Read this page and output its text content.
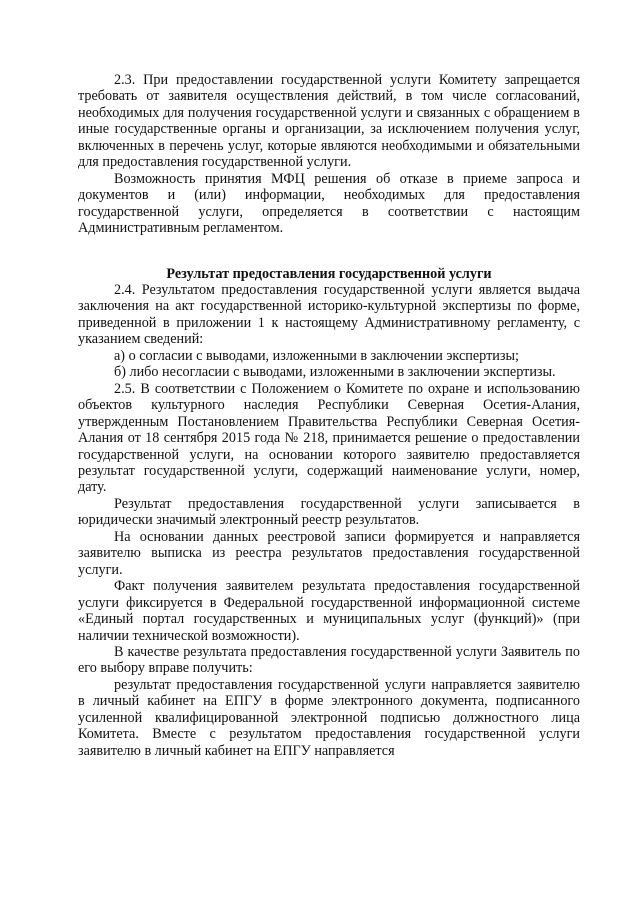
2.3. При предоставлении государственной услуги Комитету запрещается требовать от заявителя осуществления действий, в том числе согласований, необходимых для получения государственной услуги и связанных с обращением в иные государственные органы и организации, за исключением получения услуг, включенных в перечень услуг, которые являются необходимыми и обязательными для предоставления государственной услуги.

Возможность принятия МФЦ решения об отказе в приеме запроса и документов и (или) информации, необходимых для предоставления государственной услуги, определяется в соответствии с настоящим Административным регламентом.

Результат предоставления государственной услуги

2.4. Результатом предоставления государственной услуги является выдача заключения на акт государственной историко-культурной экспертизы по форме, приведенной в приложении 1 к настоящему Административному регламенту, с указанием сведений:

а) о согласии с выводами, изложенными в заключении экспертизы;

б) либо несогласии с выводами, изложенными в заключении экспертизы.

2.5. В соответствии с Положением о Комитете по охране и использованию объектов культурного наследия Республики Северная Осетия-Алания, утвержденным Постановлением Правительства Республики Северная Осетия-Алания от 18 сентября 2015 года № 218, принимается решение о предоставлении государственной услуги, на основании которого заявителю предоставляется результат государственной услуги, содержащий наименование услуги, номер, дату.

Результат предоставления государственной услуги записывается в юридически значимый электронный реестр результатов.

На основании данных реестровой записи формируется и направляется заявителю выписка из реестра результатов предоставления государственной услуги.

Факт получения заявителем результата предоставления государственной услуги фиксируется в Федеральной государственной информационной системе «Единый портал государственных и муниципальных услуг (функций)» (при наличии технической возможности).

В качестве результата предоставления государственной услуги Заявитель по его выбору вправе получить:

результат предоставления государственной услуги направляется заявителю в личный кабинет на ЕПГУ в форме электронного документа, подписанного усиленной квалифицированной электронной подписью должностного лица Комитета. Вместе с результатом предоставления государственной услуги заявителю в личный кабинет на ЕПГУ направляется
